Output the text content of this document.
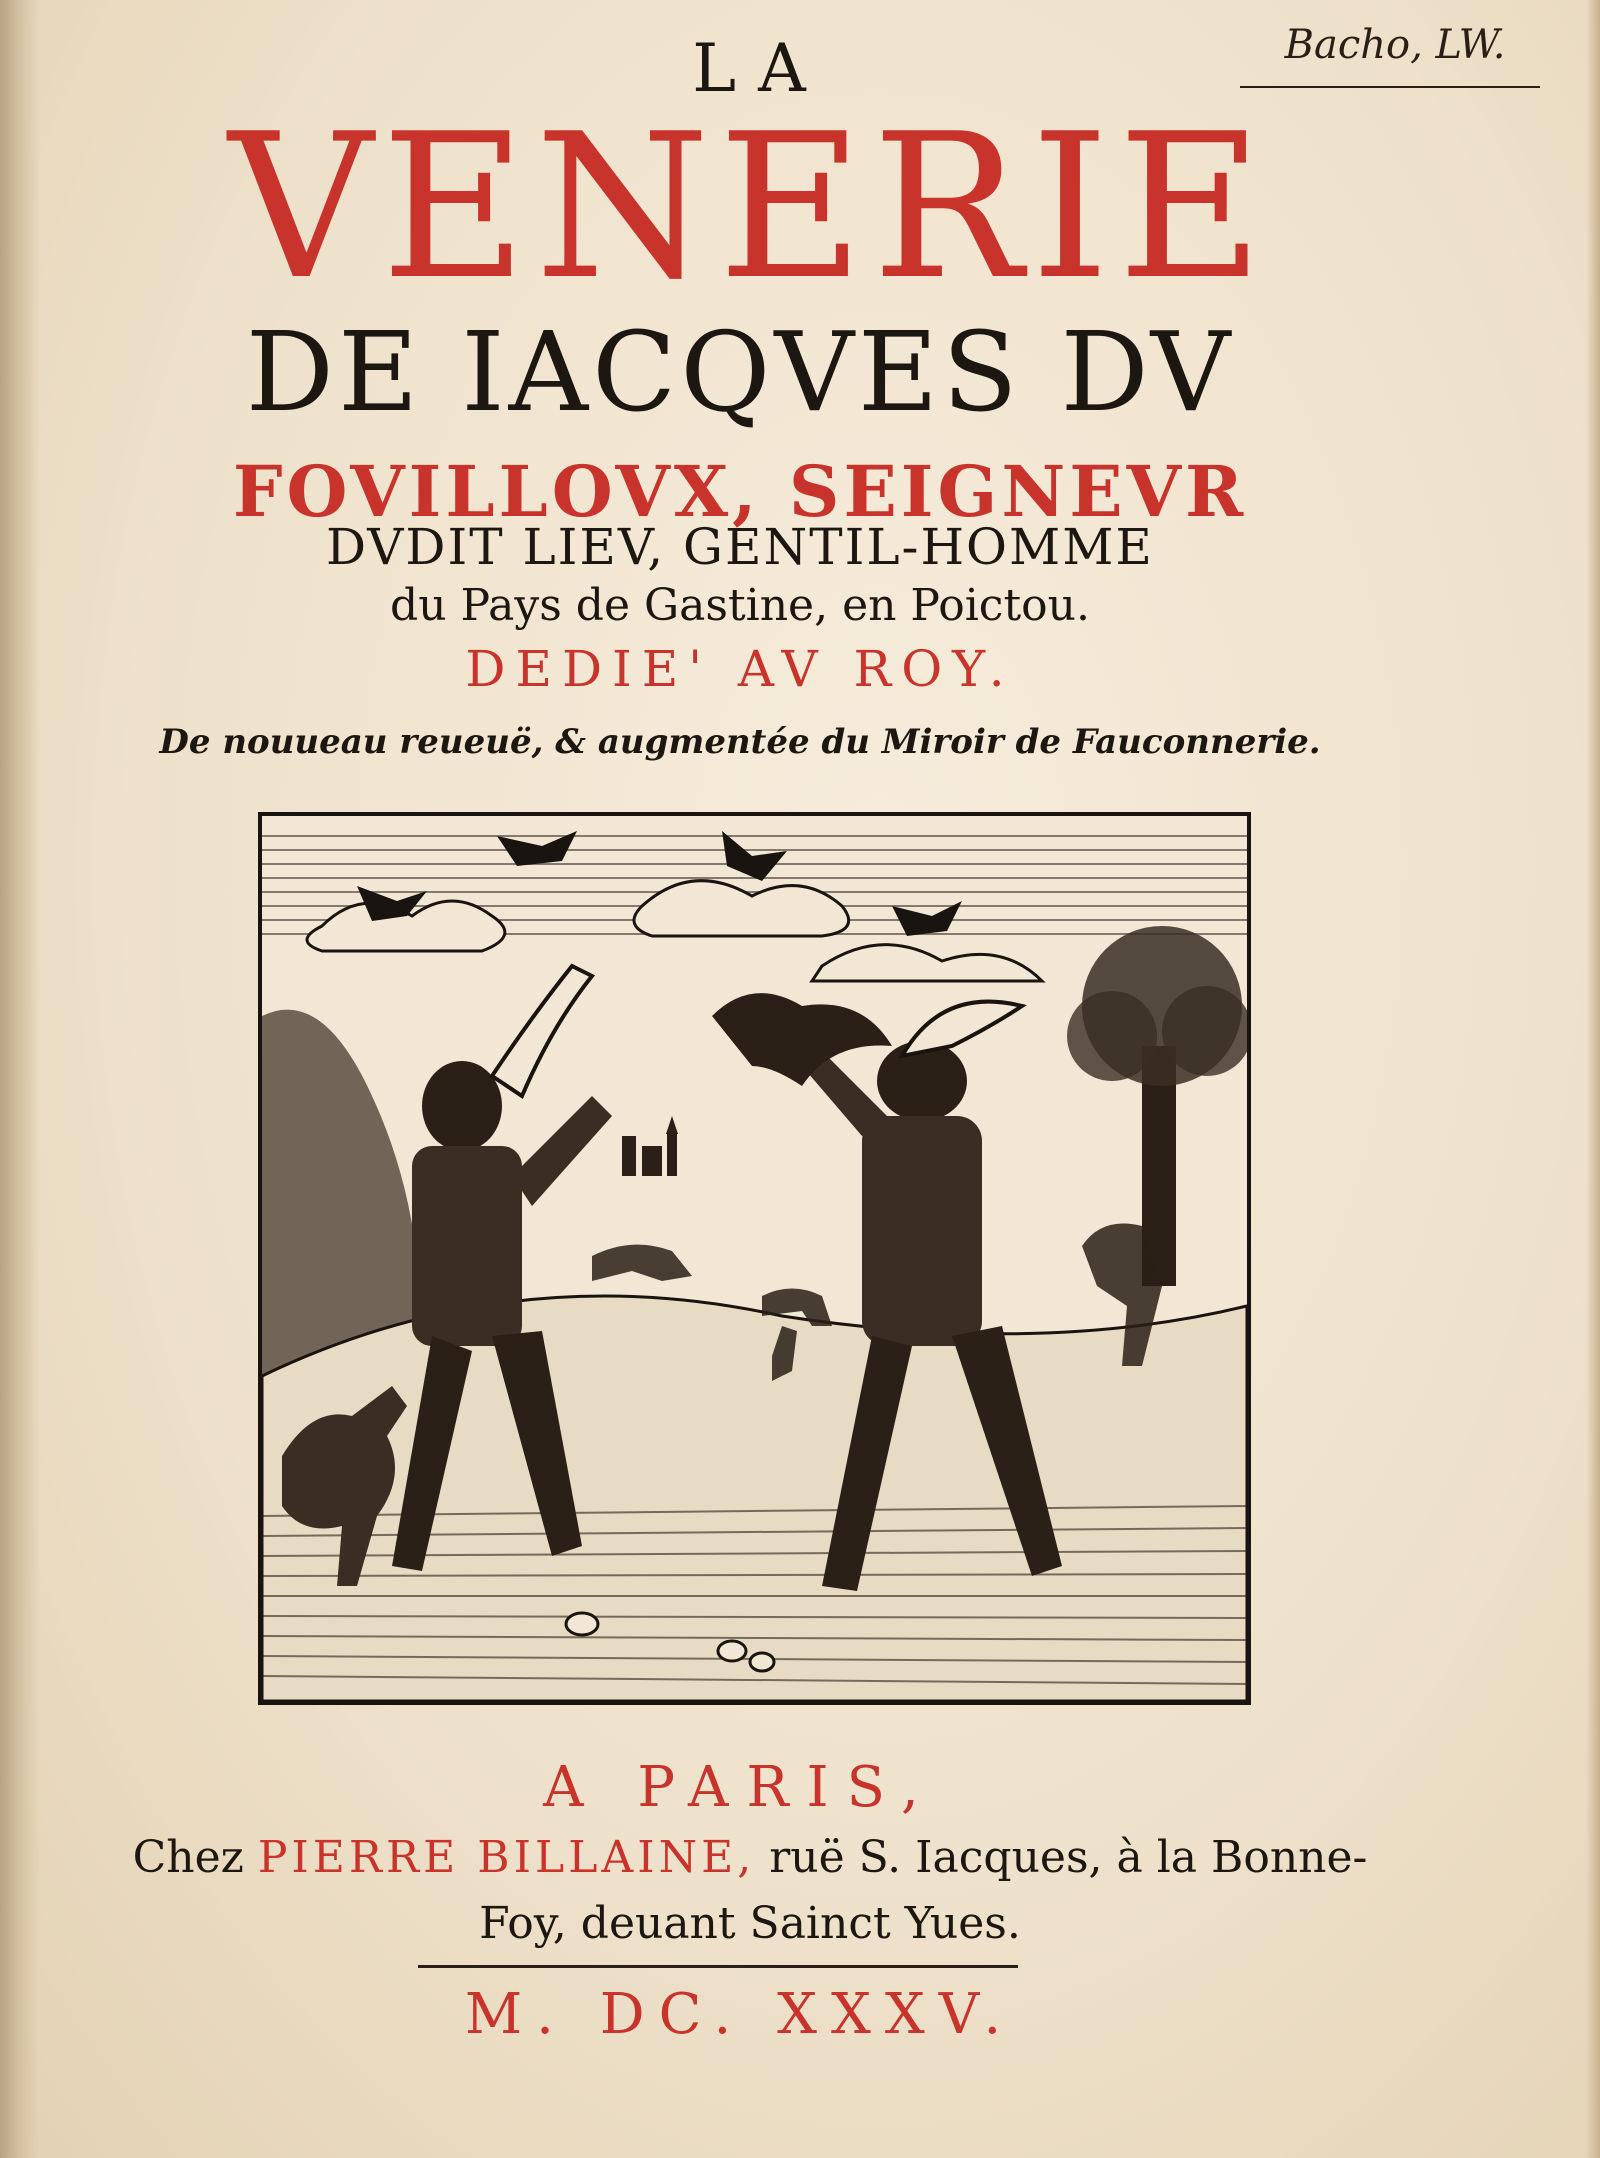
Bacho, LW.
LA
VENERIE
DE IACQVES DV
FOVILLOVX, SEIGNEVR
DVDIT LIEV, GENTIL-HOMME
du Pays de Gastine, en Poictou.
DEDIE' AV ROY.
De nouueau reueuë, & augmentée du Miroir de Fauconnerie.
A PARIS,
Chez PIERRE BILLAINE, ruë S. Iacques, à la Bonne-
Foy, deuant Sainct Yues.
M. DC. XXXV.
